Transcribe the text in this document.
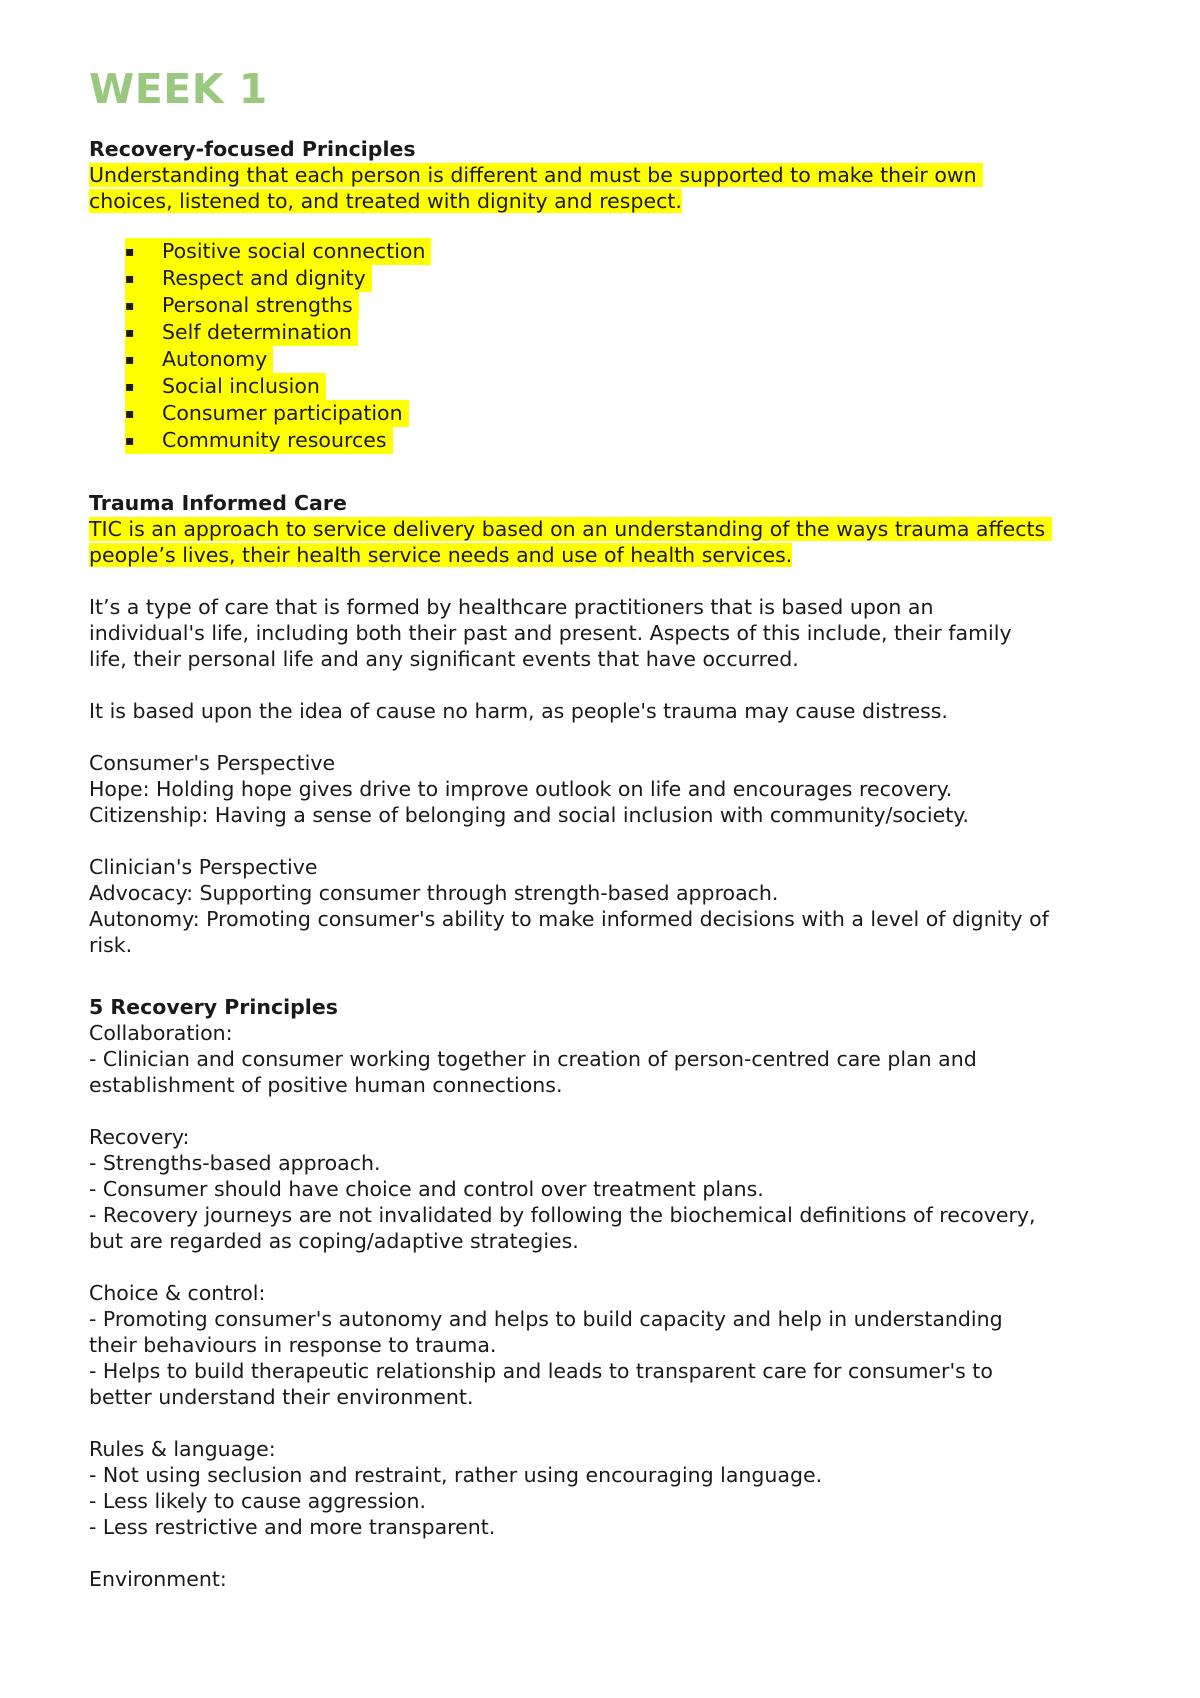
WEEK 1

Recovery-focused Principles

Understanding that each person is different and must be supported to make their own

choices, listened to, and treated with dignity and respect.

▪ Positive social connection
▪ Respect and dignity
▪ Personal strengths
▪ Self determination
▪ Autonomy
▪ Social inclusion
▪ Consumer participation
▪ Community resources

Trauma Informed Care

TIC is an approach to service delivery based on an understanding of the ways trauma affects

people’s lives, their health service needs and use of health services.

It’s a type of care that is formed by healthcare practitioners that is based upon an

individual's life, including both their past and present. Aspects of this include, their family

life, their personal life and any significant events that have occurred.

It is based upon the idea of cause no harm, as people's trauma may cause distress.

Consumer's Perspective

Hope: Holding hope gives drive to improve outlook on life and encourages recovery.

Citizenship: Having a sense of belonging and social inclusion with community/society.

Clinician's Perspective

Advocacy: Supporting consumer through strength-based approach.

Autonomy: Promoting consumer's ability to make informed decisions with a level of dignity of

risk.

5 Recovery Principles

Collaboration:

- Clinician and consumer working together in creation of person-centred care plan and

establishment of positive human connections.

Recovery:

- Strengths-based approach.

- Consumer should have choice and control over treatment plans.

- Recovery journeys are not invalidated by following the biochemical definitions of recovery,

but are regarded as coping/adaptive strategies.

Choice & control:

- Promoting consumer's autonomy and helps to build capacity and help in understanding

their behaviours in response to trauma.

- Helps to build therapeutic relationship and leads to transparent care for consumer's to

better understand their environment.

Rules & language:

- Not using seclusion and restraint, rather using encouraging language.

- Less likely to cause aggression.

- Less restrictive and more transparent.

Environment:
